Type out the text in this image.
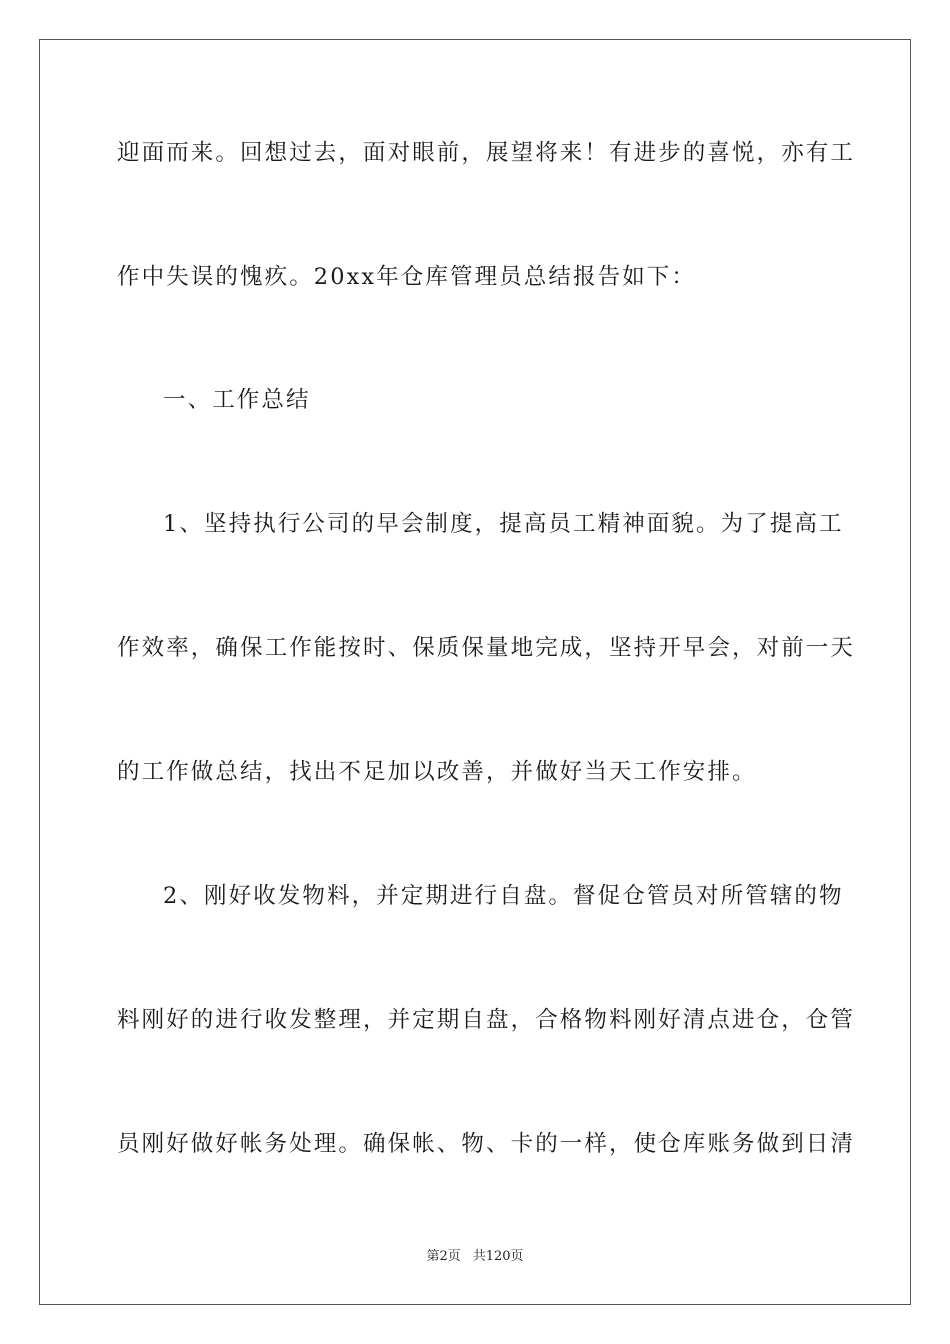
迎面而来。回想过去，面对眼前，展望将来！有进步的喜悦，亦有工
作中失误的愧疚。20xx年仓库管理员总结报告如下：
一、工作总结
1、坚持执行公司的早会制度，提高员工精神面貌。为了提高工
作效率，确保工作能按时、保质保量地完成，坚持开早会，对前一天
的工作做总结，找出不足加以改善，并做好当天工作安排。
2、刚好收发物料，并定期进行自盘。督促仓管员对所管辖的物
料刚好的进行收发整理，并定期自盘，合格物料刚好清点进仓，仓管
员刚好做好帐务处理。确保帐、物、卡的一样，使仓库账务做到日清
第2页 共120页
